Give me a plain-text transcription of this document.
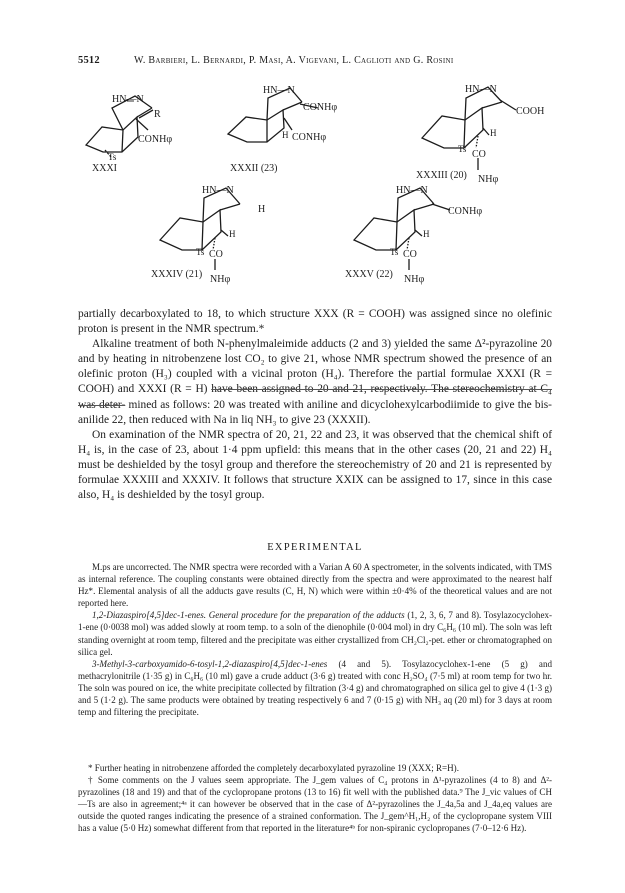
5512	W. Barbieri, L. Bernardi, P. Masi, A. Vigevani, L. Caglioti and G. Rosini
HN—N
R
CONHφ
Ts
XXXI
HN—N
CONHφ
H CONHφ
XXXII (23)
HN—N
COOH
H
Ts CO
NHφ
XXXIII (20)
HN—N
H
H
Ts CO
NHφ
XXXIV (21)
HN—N
CONHφ
H
Ts CO
NHφ
XXXV (22)

partially decarboxylated to 18, to which structure XXX (R = COOH) was assigned since no olefinic proton is present in the NMR spectrum.*

Alkaline treatment of both N-phenylmaleimide adducts (2 and 3) yielded the same Δ²-pyrazoline 20 and by heating in nitrobenzene lost CO₂ to give 21, whose NMR spectrum showed the presence of an olefinic proton (H₃) coupled with a vicinal proton (H₄). Therefore the partial formulae XXXI (R = COOH) and XXXI (R = H) have been assigned to 20 and 21, respectively. The stereochemistry at C₄ was deter- mined as follows: 20 was treated with aniline and dicyclohexylcarbodiimide to give the bis-anilide 22, then reduced with Na in liq NH₃ to give 23 (XXXII).

On examination of the NMR spectra of 20, 21, 22 and 23, it was observed that the chemical shift of H₄ is, in the case of 23, about 1·4 ppm upfield: this means that in the other cases (20, 21 and 22) H₄ must be deshielded by the tosyl group and therefore the stereochemistry of 20 and 21 is represented by formulae XXXIII and XXXIV. It follows that structure XXIX can be assigned to 17, since in this case also, H₄ is deshielded by the tosyl group.

EXPERIMENTAL

M.ps are uncorrected. The NMR spectra were recorded with a Varian A 60 A spectrometer, in the solvents indicated, with TMS as internal reference. The coupling constants were obtained directly from the spectra and were approximated to the nearest half Hz*. Elemental analysis of all the adducts gave results (C, H, N) which were within ±0·4% of the theoretical values and are not reported here.

1,2-Diazaspiro[4,5]dec-1-enes. General procedure for the preparation of the adducts (1, 2, 3, 6, 7 and 8). Tosylazocyclohex-1-ene (0·0038 mol) was added slowly at room temp. to a soln of the dienophile (0·004 mol) in dry C₆H₆ (10 ml). The soln was left standing overnight at room temp, filtered and the precipitate was either crystallized from CH₂Cl₂-pet. ether or chromatographed on silica gel.

3-Methyl-3-carboxyamido-6-tosyl-1,2-diazaspiro[4,5]dec-1-enes (4 and 5). Tosylazocyclohex-1-ene (5 g) and methacrylonitrile (1·35 g) in C₆H₆ (10 ml) gave a crude adduct (3·6 g) treated with conc H₂SO₄ (7·5 ml) at room temp for two hr. The soln was poured on ice, the white precipitate collected by filtration (3·4 g) and chromatographed on silica gel to give 4 (1·3 g) and 5 (1·2 g). The same products were obtained by treating respectively 6 and 7 (0·15 g) with NH₃ aq (20 ml) for 3 days at room temp and filtering the precipitate.

* Further heating in nitrobenzene afforded the completely decarboxylated pyrazoline 19 (XXX; R=H).

† Some comments on the J values seem appropriate. The J_gem values of C₄ protons in Δ¹-pyrazolines (4 to 8) and Δ²-pyrazolines (18 and 19) and that of the cyclopropane protons (13 to 16) fit well with the published data.⁹ The J_vic values of CH—Ts are also in agreement;⁴ᵃ it can however be observed that in the case of Δ²-pyrazolines the J_4a,5a and J_4a,eq values are outside the quoted ranges indicating the presence of a strained conformation. The J_gem^H₁,H₂ of the cyclopropane system VIII has a value (5·0 Hz) somewhat different from that reported in the literature⁴ᵇ for non-spiranic cyclopropanes (7·0–12·6 Hz).
